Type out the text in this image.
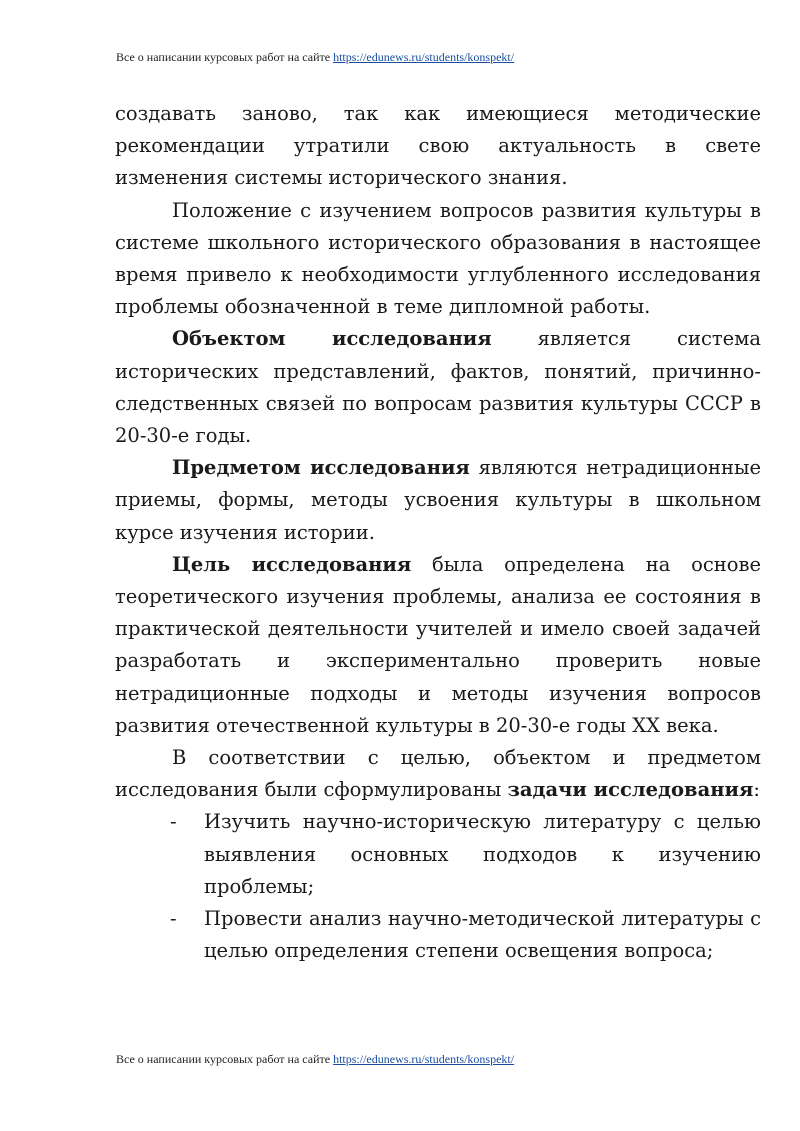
Все о написании курсовых работ на сайте https://edunews.ru/students/konspekt/

создавать заново, так как имеющиеся методические рекомендации утратили свою актуальность в свете изменения системы исторического знания.

Положение с изучением вопросов развития культуры в системе школьного исторического образования в настоящее время привело к необходимости углубленного исследования проблемы обозначенной в теме дипломной работы.

Объектом исследования является система исторических представлений, фактов, понятий, причинно-следственных связей по вопросам развития культуры СССР в 20-30-е годы.

Предметом исследования являются нетрадиционные приемы, формы, методы усвоения культуры в школьном курсе изучения истории.

Цель исследования была определена на основе теоретического изучения проблемы, анализа ее состояния в практической деятельности учителей и имело своей задачей разработать и экспериментально проверить новые нетрадиционные подходы и методы изучения вопросов развития отечественной культуры в 20-30-е годы XX века.

В соответствии с целью, объектом и предметом исследования были сформулированы задачи исследования:

- Изучить научно-историческую литературу с целью выявления основных подходов к изучению проблемы;
- Провести анализ научно-методической литературы с целью определения степени освещения вопроса;
Все о написании курсовых работ на сайте https://edunews.ru/students/konspekt/
